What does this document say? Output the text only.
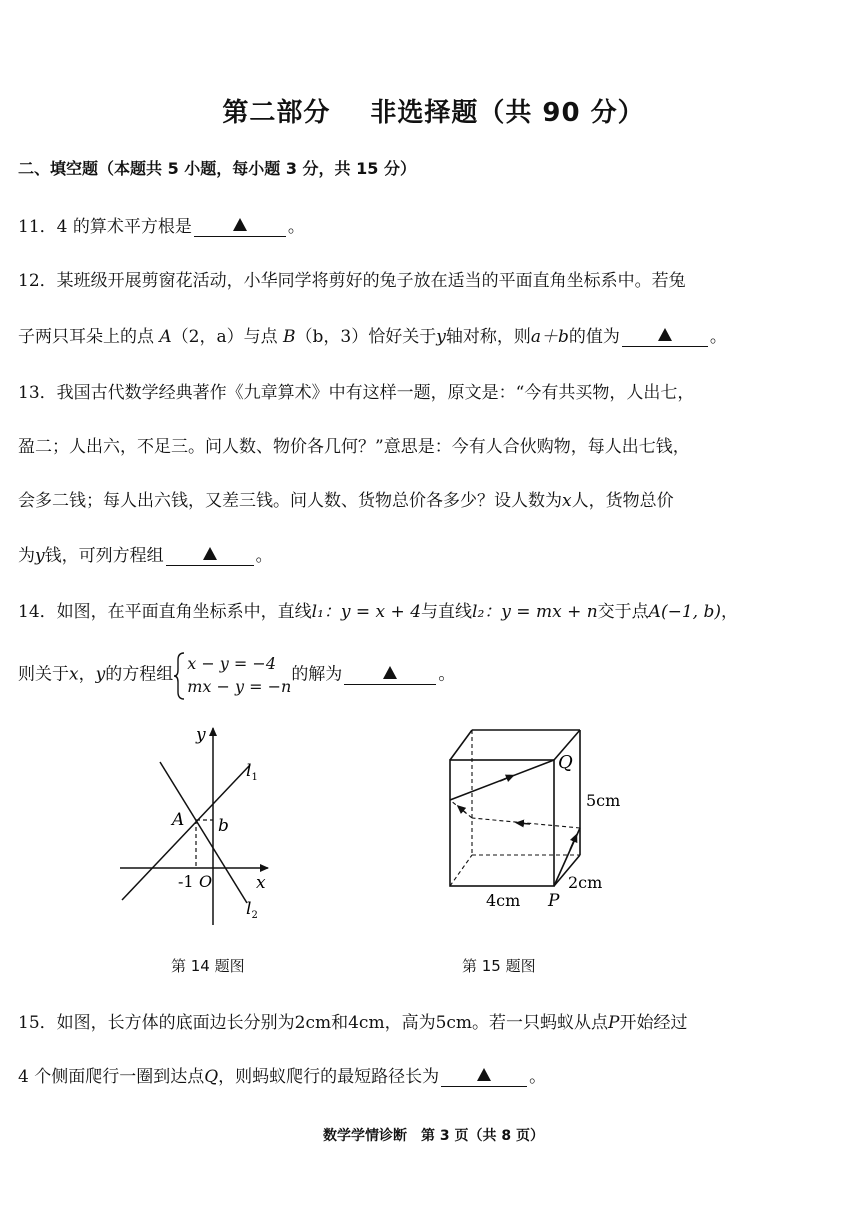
第二部分 非选择题（共 90 分）
二、填空题（本题共 5 小题，每小题 3 分，共 15 分）
11．4 的算术平方根是	。
12．某班级开展剪窗花活动，小华同学将剪好的兔子放在适当的平面直角坐标系中。若兔
子两只耳朵上的点 A（2，a）与点 B（b，3）恰好关于y轴对称，则a＋b的值为	。
13．我国古代数学经典著作《九章算术》中有这样一题，原文是：“今有共买物，人出七，
盈二；人出六，不足三。问人数、物价各几何？”意思是：今有人合伙购物，每人出七钱，
会多二钱；每人出六钱，又差三钱。问人数、货物总价各多少？设人数为x人，货物总价
为y钱，可列方程组	。
14．如图，在平面直角坐标系中，直线l₁：y = x + 4与直线l₂：y = mx + n交于点A(−1, b)，
则关于x，y的方程组
x − y = −4
mx − y = −n的解为	。
y
x
$l_1$
$l_2$
A b
-1 O
第 14 题图
Q
5cm
2cm
4cm P
第 15 题图
15．如图，长方体的底面边长分别为2cm和4cm，高为5cm。若一只蚂蚁从点P开始经过
4 个侧面爬行一圈到达点Q，则蚂蚁爬行的最短路径长为	。
数学学情诊断　第 3 页（共 8 页）
